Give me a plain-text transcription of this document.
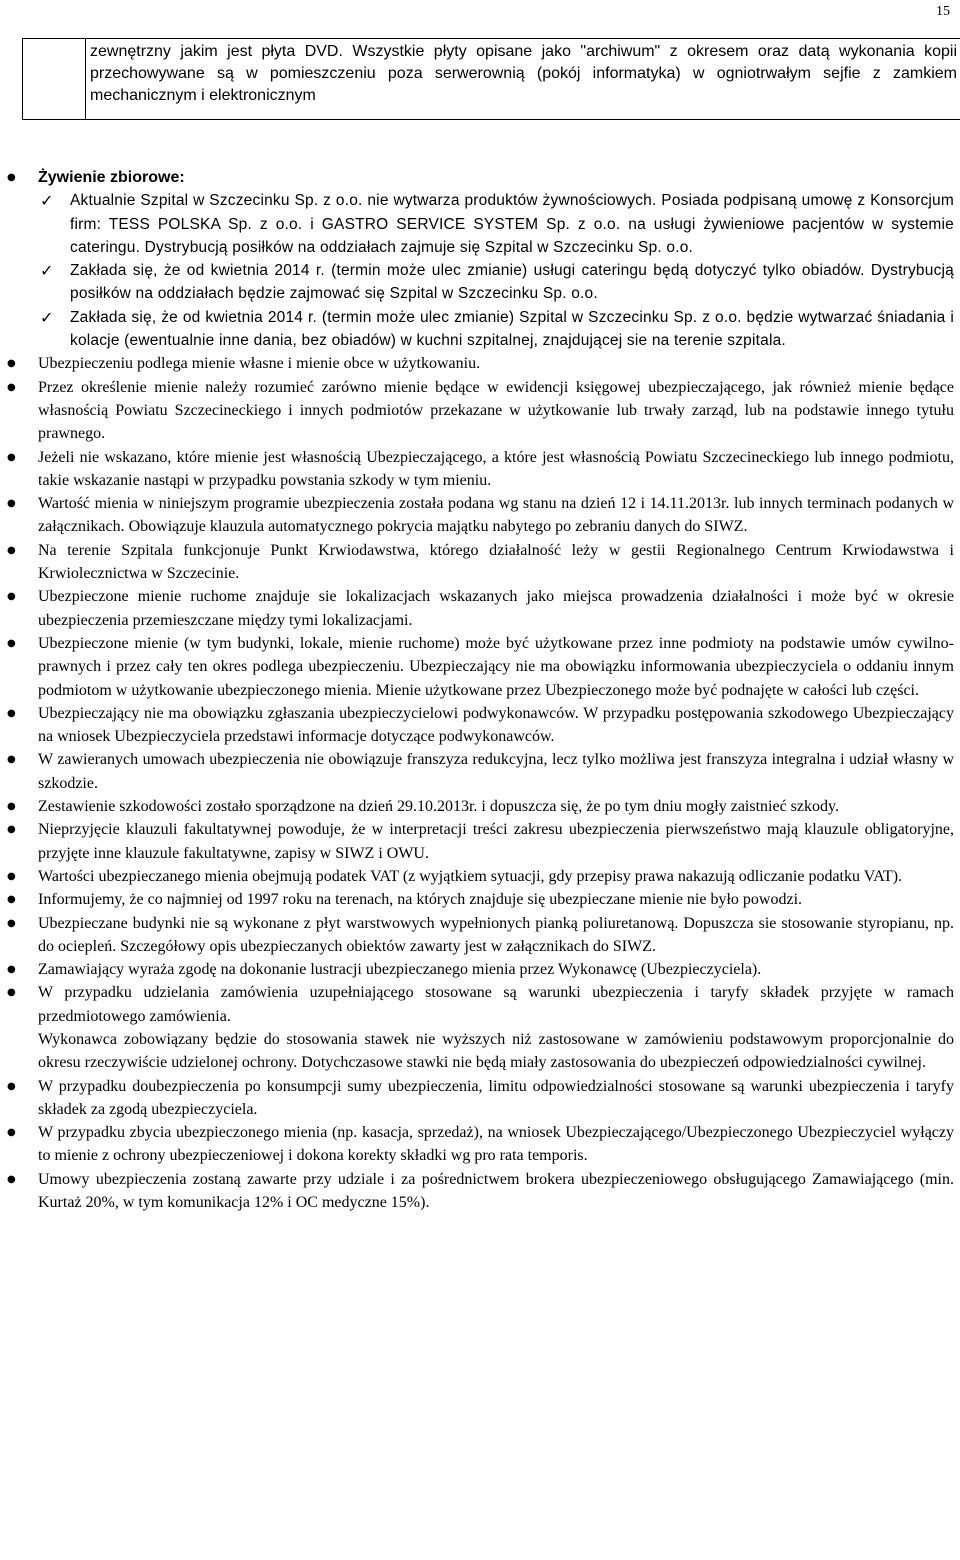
15
	zewnętrzny jakim jest płyta DVD. Wszystkie płyty opisane jako "archiwum" z okresem oraz datą wykonania kopii przechowywane są w pomieszczeniu poza serwerownią (pokój informatyka) w ogniotrwałym sejfie z zamkiem mechanicznym i elektronicznym
● Żywienie zbiorowe:
✓ Aktualnie Szpital w Szczecinku Sp. z o.o. nie wytwarza produktów żywnościowych. Posiada podpisaną umowę z Konsorcjum firm: TESS POLSKA Sp. z o.o. i GASTRO SERVICE SYSTEM Sp. z o.o. na usługi żywieniowe pacjentów w systemie cateringu. Dystrybucją posiłków na oddziałach zajmuje się Szpital w Szczecinku Sp. o.o.
✓ Zakłada się, że od kwietnia 2014 r. (termin może ulec zmianie) usługi cateringu będą dotyczyć tylko obiadów. Dystrybucją posiłków na oddziałach będzie zajmować się Szpital w Szczecinku Sp. o.o.
✓ Zakłada się, że od kwietnia 2014 r. (termin może ulec zmianie) Szpital w Szczecinku Sp. z o.o. będzie wytwarzać śniadania i kolacje (ewentualnie inne dania, bez obiadów) w kuchni szpitalnej, znajdującej sie na terenie szpitala.
● Ubezpieczeniu podlega mienie własne i mienie obce w użytkowaniu.
● Przez określenie mienie należy rozumieć zarówno mienie będące w ewidencji księgowej ubezpieczającego, jak również mienie będące własnością Powiatu Szczecineckiego i innych podmiotów przekazane w użytkowanie lub trwały zarząd, lub na podstawie innego tytułu prawnego.
● Jeżeli nie wskazano, które mienie jest własnością Ubezpieczającego, a które jest własnością Powiatu Szczecineckiego lub innego podmiotu, takie wskazanie nastąpi w przypadku powstania szkody w tym mieniu.
● Wartość mienia w niniejszym programie ubezpieczenia została podana wg stanu na dzień 12 i 14.11.2013r. lub innych terminach podanych w załącznikach. Obowiązuje klauzula automatycznego pokrycia majątku nabytego po zebraniu danych do SIWZ.
● Na terenie Szpitala funkcjonuje Punkt Krwiodawstwa, którego działalność leży w gestii Regionalnego Centrum Krwiodawstwa i Krwiolecznictwa w Szczecinie.
● Ubezpieczone mienie ruchome znajduje sie lokalizacjach wskazanych jako miejsca prowadzenia działalności i może być w okresie ubezpieczenia przemieszczane między tymi lokalizacjami.
● Ubezpieczone mienie (w tym budynki, lokale, mienie ruchome) może być użytkowane przez inne podmioty na podstawie umów cywilno-prawnych i przez cały ten okres podlega ubezpieczeniu. Ubezpieczający nie ma obowiązku informowania ubezpieczyciela o oddaniu innym podmiotom w użytkowanie ubezpieczonego mienia. Mienie użytkowane przez Ubezpieczonego może być podnajęte w całości lub części.
● Ubezpieczający nie ma obowiązku zgłaszania ubezpieczycielowi podwykonawców. W przypadku postępowania szkodowego Ubezpieczający na wniosek Ubezpieczyciela przedstawi informacje dotyczące podwykonawców.
● W zawieranych umowach ubezpieczenia nie obowiązuje franszyza redukcyjna, lecz tylko możliwa jest franszyza integralna i udział własny w szkodzie.
● Zestawienie szkodowości zostało sporządzone na dzień 29.10.2013r. i dopuszcza się, że po tym dniu mogły zaistnieć szkody.
● Nieprzyjęcie klauzuli fakultatywnej powoduje, że w interpretacji treści zakresu ubezpieczenia pierwszeństwo mają klauzule obligatoryjne, przyjęte inne klauzule fakultatywne, zapisy w SIWZ i OWU.
● Wartości ubezpieczanego mienia obejmują podatek VAT (z wyjątkiem sytuacji, gdy przepisy prawa nakazują odliczanie podatku VAT).
● Informujemy, że co najmniej od 1997 roku na terenach, na których znajduje się ubezpieczane mienie nie było powodzi.
● Ubezpieczane budynki nie są wykonane z płyt warstwowych wypełnionych pianką poliuretanową. Dopuszcza sie stosowanie styropianu, np. do ociepleń. Szczegółowy opis ubezpieczanych obiektów zawarty jest w załącznikach do SIWZ.
● Zamawiający wyraża zgodę na dokonanie lustracji ubezpieczanego mienia przez Wykonawcę (Ubezpieczyciela).
● W przypadku udzielania zamówienia uzupełniającego stosowane są warunki ubezpieczenia i taryfy składek przyjęte w ramach przedmiotowego zamówienia.
Wykonawca zobowiązany będzie do stosowania stawek nie wyższych niż zastosowane w zamówieniu podstawowym proporcjonalnie do okresu rzeczywiście udzielonej ochrony. Dotychczasowe stawki nie będą miały zastosowania do ubezpieczeń odpowiedzialności cywilnej.
● W przypadku doubezpieczenia po konsumpcji sumy ubezpieczenia, limitu odpowiedzialności stosowane są warunki ubezpieczenia i taryfy składek za zgodą ubezpieczyciela.
● W przypadku zbycia ubezpieczonego mienia (np. kasacja, sprzedaż), na wniosek Ubezpieczającego/Ubezpieczonego Ubezpieczyciel wyłączy to mienie z ochrony ubezpieczeniowej i dokona korekty składki wg pro rata temporis.
● Umowy ubezpieczenia zostaną zawarte przy udziale i za pośrednictwem brokera ubezpieczeniowego obsługującego Zamawiającego (min. Kurtaż 20%, w tym komunikacja 12% i OC medyczne 15%).
